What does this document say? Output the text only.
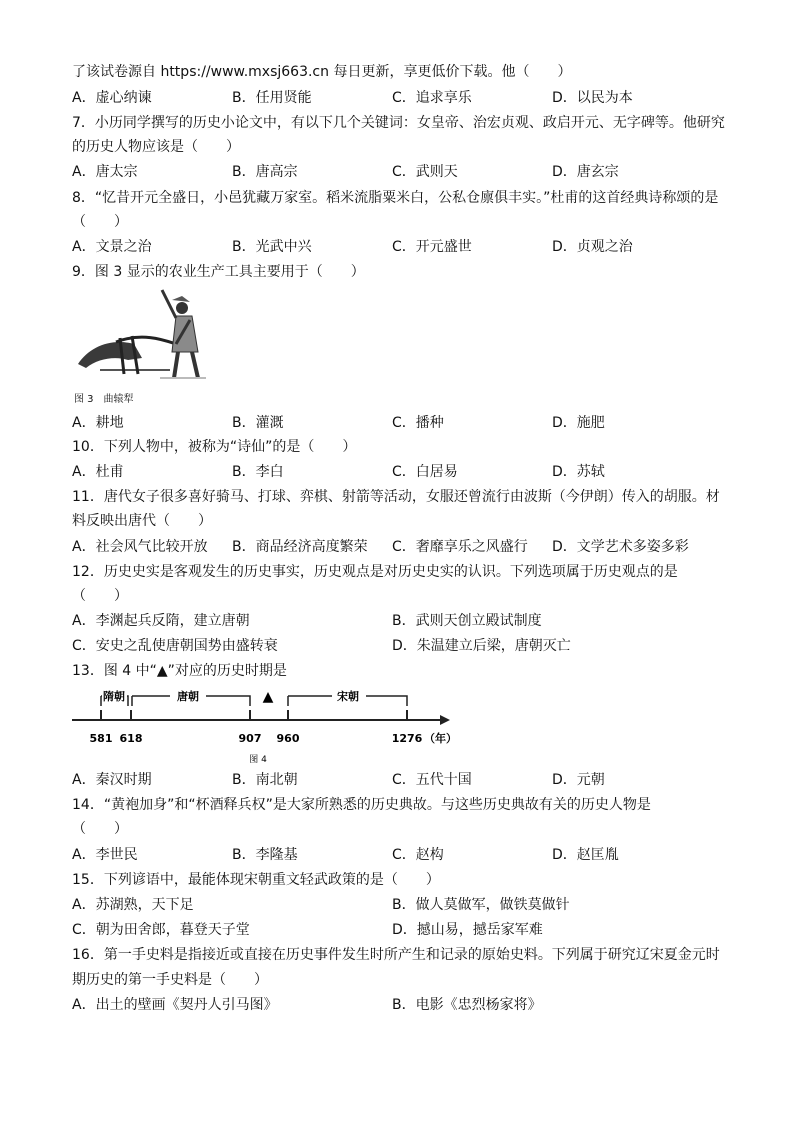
了该试卷源自 https://www.mxsj663.cn 每日更新，享更低价下载。他（　　）
A．虚心纳谏	B．任用贤能	C．追求享乐	D．以民为本
7．小历同学撰写的历史小论文中，有以下几个关键词：女皇帝、治宏贞观、政启开元、无字碑等。他研究
的历史人物应该是（　　）
A．唐太宗	B．唐高宗	C．武则天	D．唐玄宗
8．“忆昔开元全盛日，小邑犹藏万家室。稻米流脂粟米白，公私仓廪俱丰实。”杜甫的这首经典诗称颂的是
（　　）
A．文景之治	B．光武中兴	C．开元盛世	D．贞观之治
9．图 3 显示的农业生产工具主要用于（　　）
图 3　曲辕犁
A．耕地	B．灌溉	C．播种	D．施肥
10．下列人物中，被称为“诗仙”的是（　　）
A．杜甫	B．李白	C．白居易	D．苏轼
11．唐代女子很多喜好骑马、打球、弈棋、射箭等活动，女服还曾流行由波斯（今伊朗）传入的胡服。材
料反映出唐代（　　）
A．社会风气比较开放 B．商品经济高度繁荣 C．奢靡享乐之风盛行 D．文学艺术多姿多彩
12．历史史实是客观发生的历史事实，历史观点是对历史史实的认识。下列选项属于历史观点的是
（　　）
A．李渊起兵反隋，建立唐朝	B．武则天创立殿试制度
C．安史之乱使唐朝国势由盛转衰	D．朱温建立后梁，唐朝灭亡
13．图 4 中“▲”对应的历史时期是
隋朝	唐朝	▲	宋朝
581 618	907 960	1276 （年）
图 4
A．秦汉时期	B．南北朝	C．五代十国	D．元朝
14．“黄袍加身”和“杯酒释兵权”是大家所熟悉的历史典故。与这些历史典故有关的历史人物是
（　　）
A．李世民	B．李隆基	C．赵构	D．赵匡胤
15．下列谚语中，最能体现宋朝重文轻武政策的是（　　）
A．苏湖熟，天下足	B．做人莫做军，做铁莫做针
C．朝为田舍郎，暮登天子堂	D．撼山易，撼岳家军难
16．第一手史料是指接近或直接在历史事件发生时所产生和记录的原始史料。下列属于研究辽宋夏金元时
期历史的第一手史料是（　　）
A．出土的壁画《契丹人引马图》	B．电影《忠烈杨家将》
